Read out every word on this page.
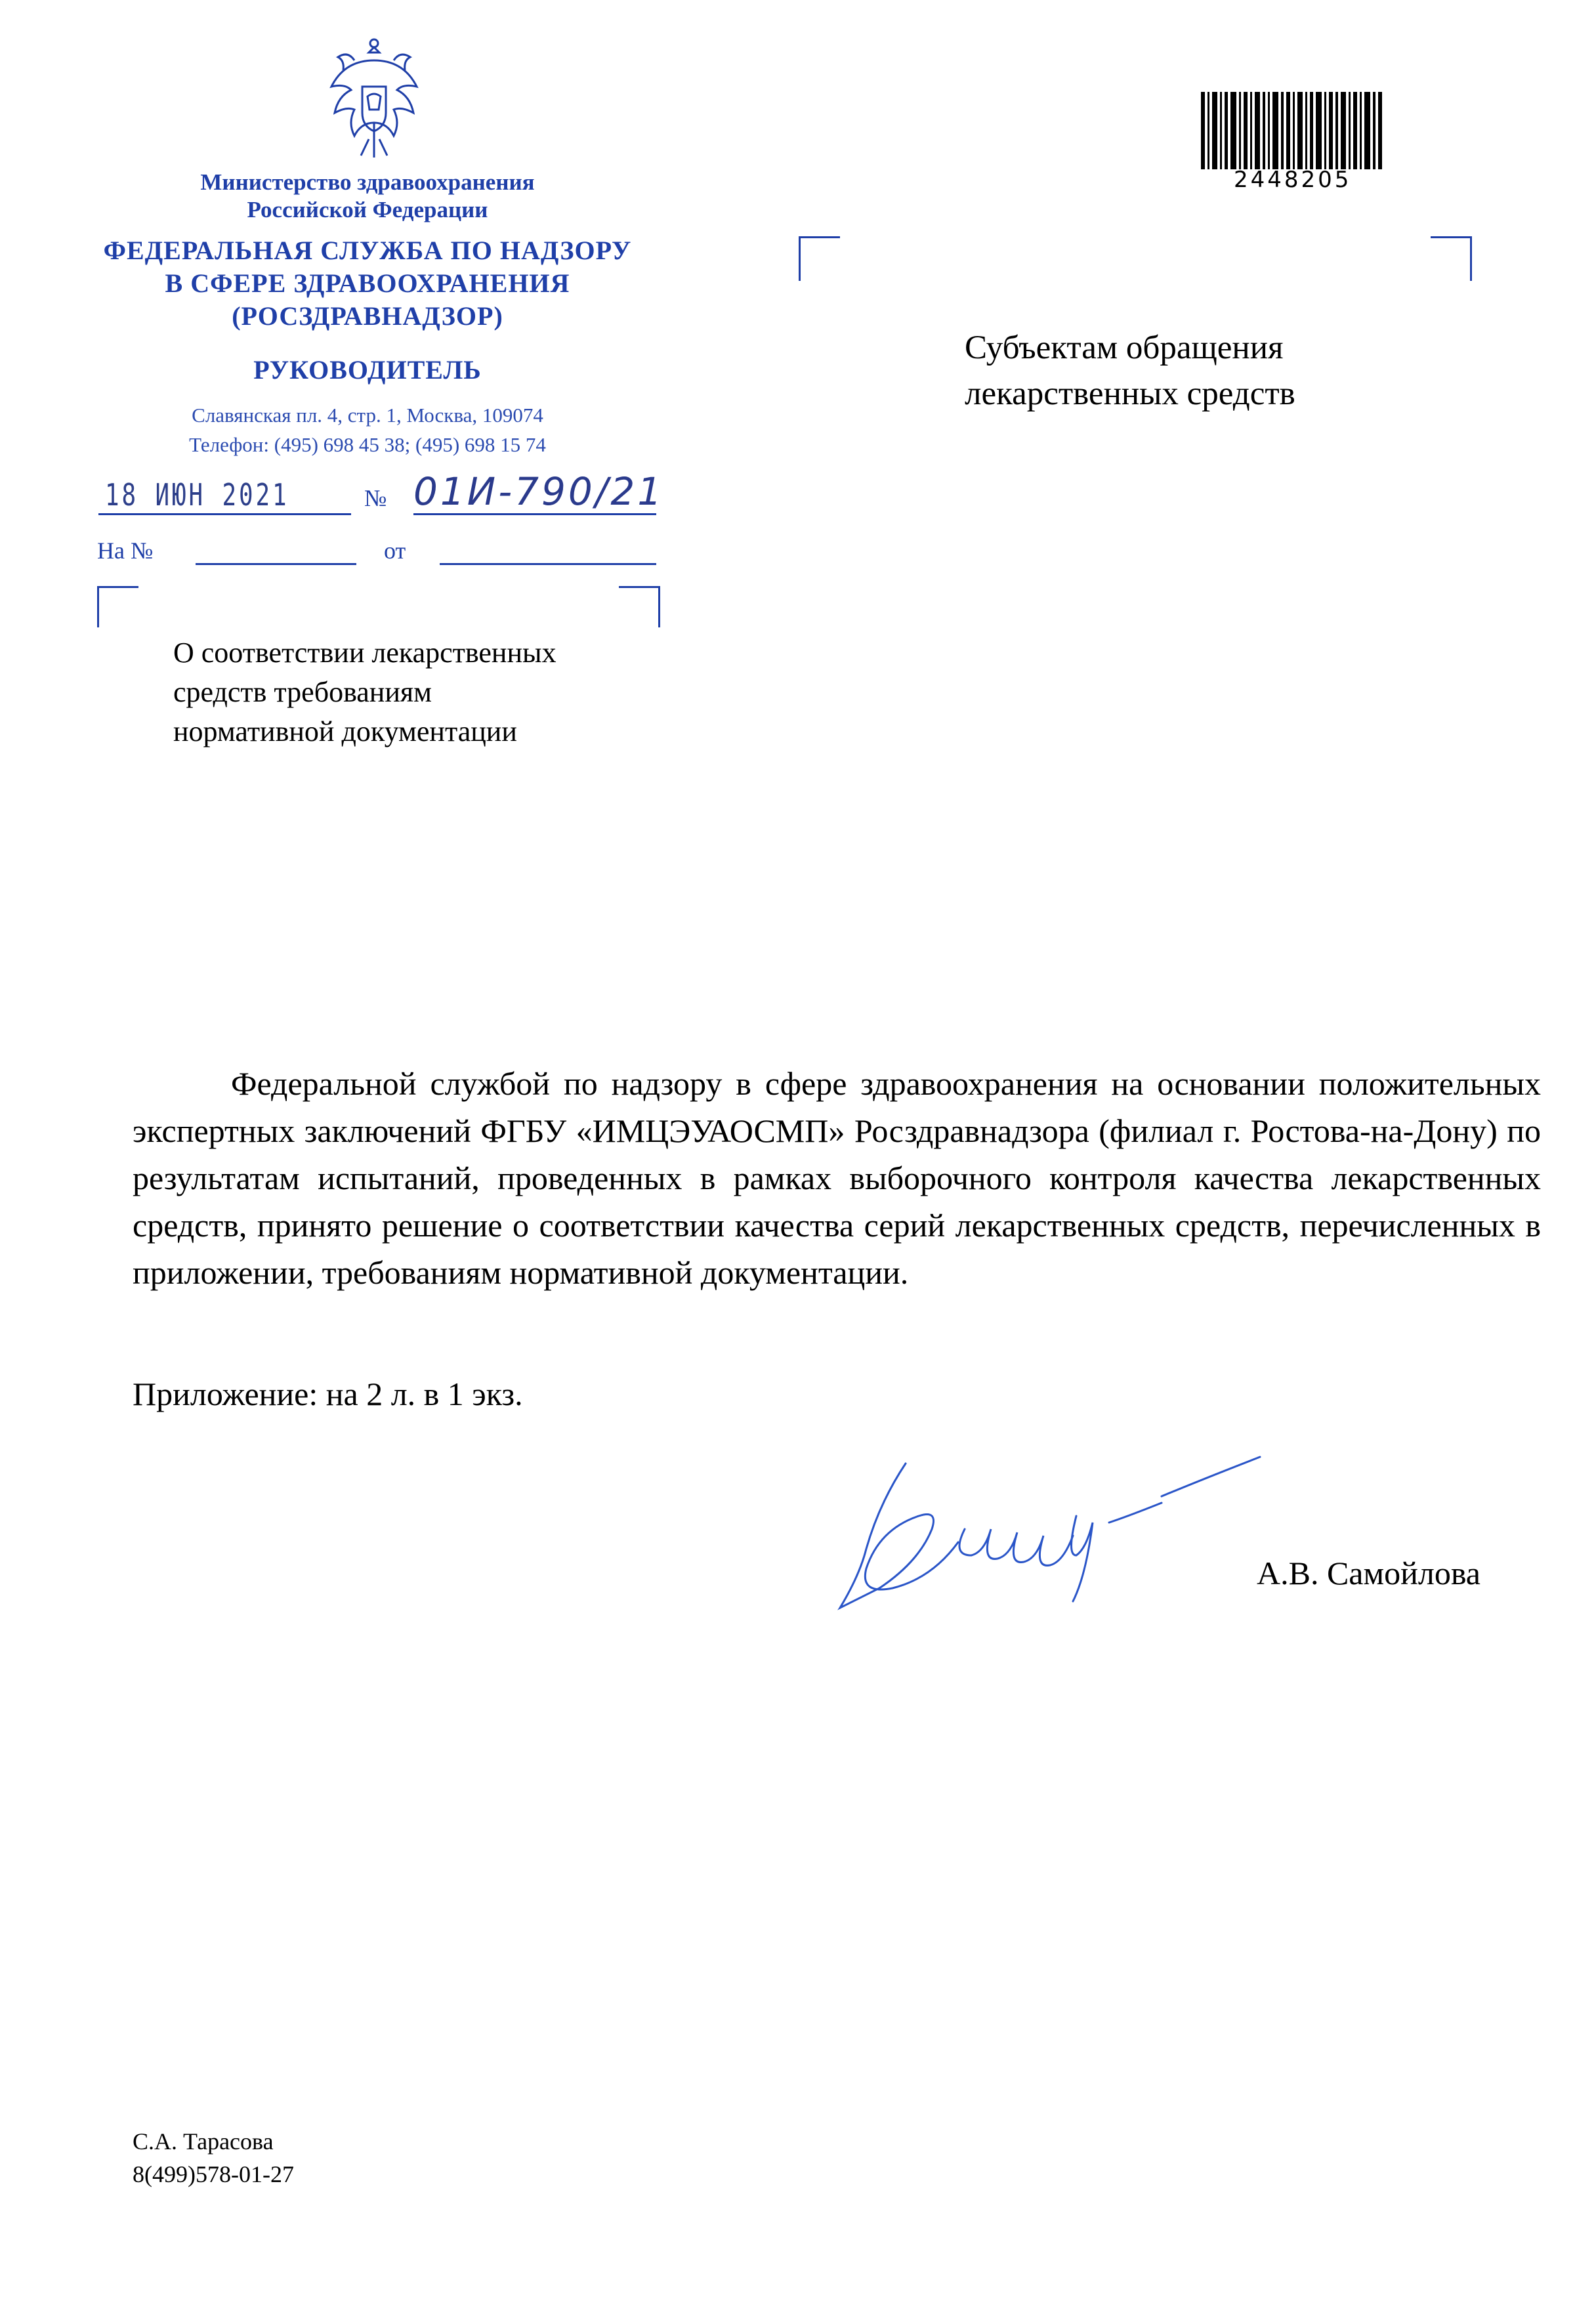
Министерство здравоохранения
Российской Федерации
ФЕДЕРАЛЬНАЯ СЛУЖБА ПО НАДЗОРУ
В СФЕРЕ ЗДРАВООХРАНЕНИЯ
(РОСЗДРАВНАДЗОР)
РУКОВОДИТЕЛЬ
Славянская пл. 4, стр. 1, Москва, 109074
Телефон: (495) 698 45 38; (495) 698 15 74
18 ИЮН 2021	№ 01И-790/21
На №	от
О соответствии лекарственных
средств требованиям
нормативной документации
2448205
Субъектам обращения
лекарственных средств
Федеральной службой по надзору в сфере здравоохранения на основании положительных экспертных заключений ФГБУ «ИМЦЭУАОСМП» Росздравнадзора (филиал г. Ростова-на-Дону) по результатам испытаний, проведенных в рамках выборочного контроля качества лекарственных средств, принято решение о соответствии качества серий лекарственных средств, перечисленных в приложении, требованиям нормативной документации.
Приложение: на 2 л. в 1 экз.
А.В. Самойлова
С.А. Тарасова
8(499)578-01-27
